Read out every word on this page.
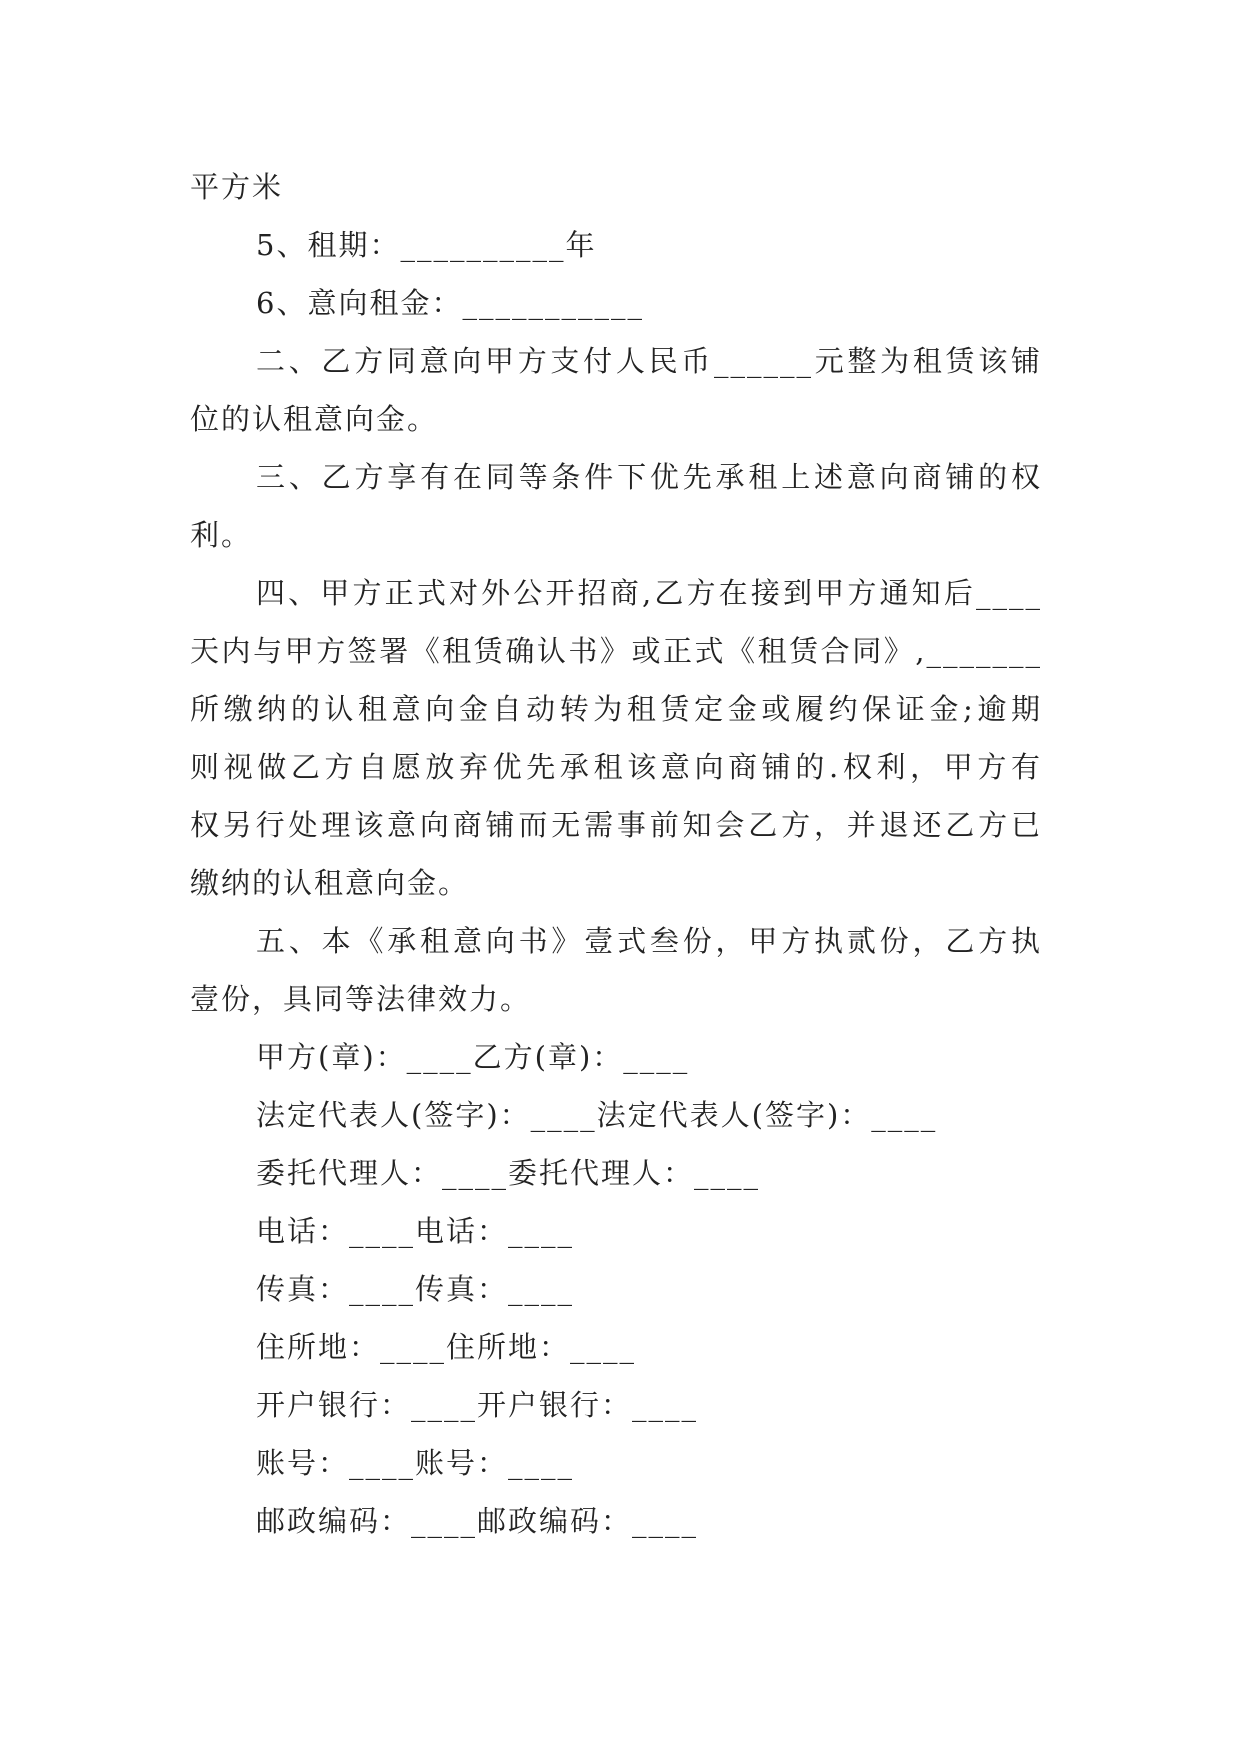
平方米
5、租期：__________年
6、意向租金：___________
二、乙方同意向甲方支付人民币______元整为租赁该铺
位的认租意向金。
三、乙方享有在同等条件下优先承租上述意向商铺的权
利。
四、甲方正式对外公开招商,乙方在接到甲方通知后____
天内与甲方签署《租赁确认书》或正式《租赁合同》,_______
所缴纳的认租意向金自动转为租赁定金或履约保证金;逾期
则视做乙方自愿放弃优先承租该意向商铺的.权利，甲方有
权另行处理该意向商铺而无需事前知会乙方，并退还乙方已
缴纳的认租意向金。
五、本《承租意向书》壹式叁份，甲方执贰份，乙方执
壹份，具同等法律效力。
甲方(章)：____乙方(章)：____
法定代表人(签字)：____法定代表人(签字)：____
委托代理人：____委托代理人：____
电话：____电话：____
传真：____传真：____
住所地：____住所地：____
开户银行：____开户银行：____
账号：____账号：____
邮政编码：____邮政编码：____
